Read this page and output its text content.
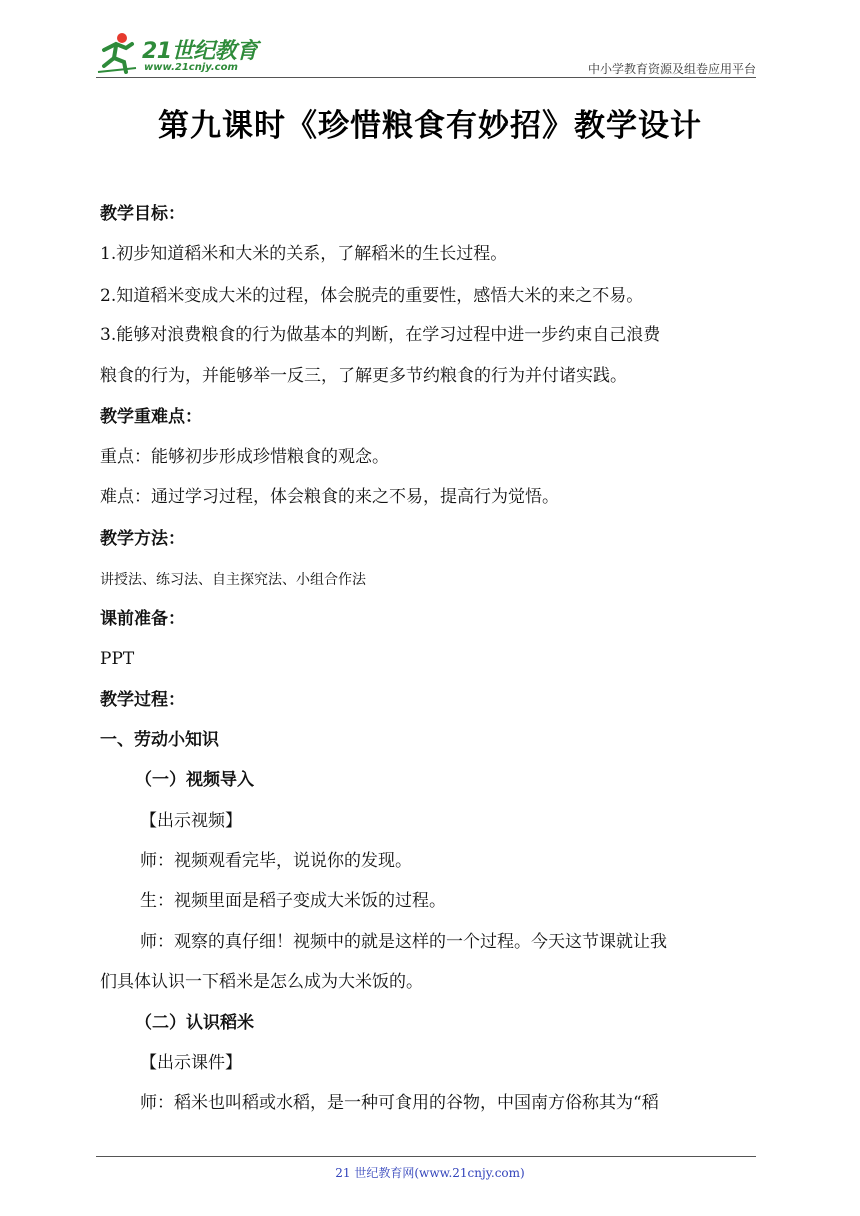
21世纪教育
www.21cnjy.com	中小学教育资源及组卷应用平台
第九课时《珍惜粮食有妙招》教学设计
教学目标：
1.初步知道稻米和大米的关系，了解稻米的生长过程。
2.知道稻米变成大米的过程，体会脱壳的重要性，感悟大米的来之不易。
3.能够对浪费粮食的行为做基本的判断，在学习过程中进一步约束自己浪费
粮食的行为，并能够举一反三，了解更多节约粮食的行为并付诸实践。
教学重难点：
重点：能够初步形成珍惜粮食的观念。
难点：通过学习过程，体会粮食的来之不易，提高行为觉悟。
教学方法：
讲授法、练习法、自主探究法、小组合作法
课前准备：
PPT
教学过程：
一、劳动小知识
（一）视频导入
【出示视频】
师：视频观看完毕，说说你的发现。
生：视频里面是稻子变成大米饭的过程。
师：观察的真仔细！视频中的就是这样的一个过程。今天这节课就让我
们具体认识一下稻米是怎么成为大米饭的。
（二）认识稻米
【出示课件】
师：稻米也叫稻或水稻，是一种可食用的谷物，中国南方俗称其为“稻
21 世纪教育网(www.21cnjy.com)
